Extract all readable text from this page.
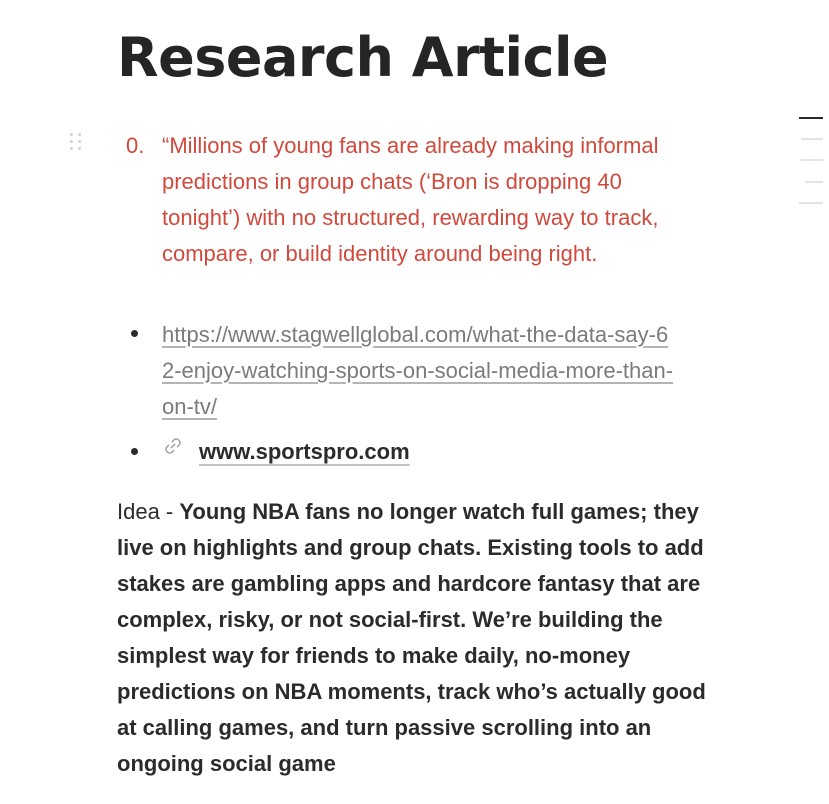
Research Article
0. “Millions of young fans are already making informal predictions in group chats (‘Bron is dropping 40 tonight’) with no structured, rewarding way to track, compare, or build identity around being right.
https://www.stagwellglobal.com/what-the-data-say-62-enjoy-watching-sports-on-social-media-more-than-on-tv/
www.sportspro.com

Idea - Young NBA fans no longer watch full games; they live on highlights and group chats. Existing tools to add stakes are gambling apps and hardcore fantasy that are complex, risky, or not social-first. We’re building the simplest way for friends to make daily, no-money predictions on NBA moments, track who’s actually good at calling games, and turn passive scrolling into an ongoing social game
